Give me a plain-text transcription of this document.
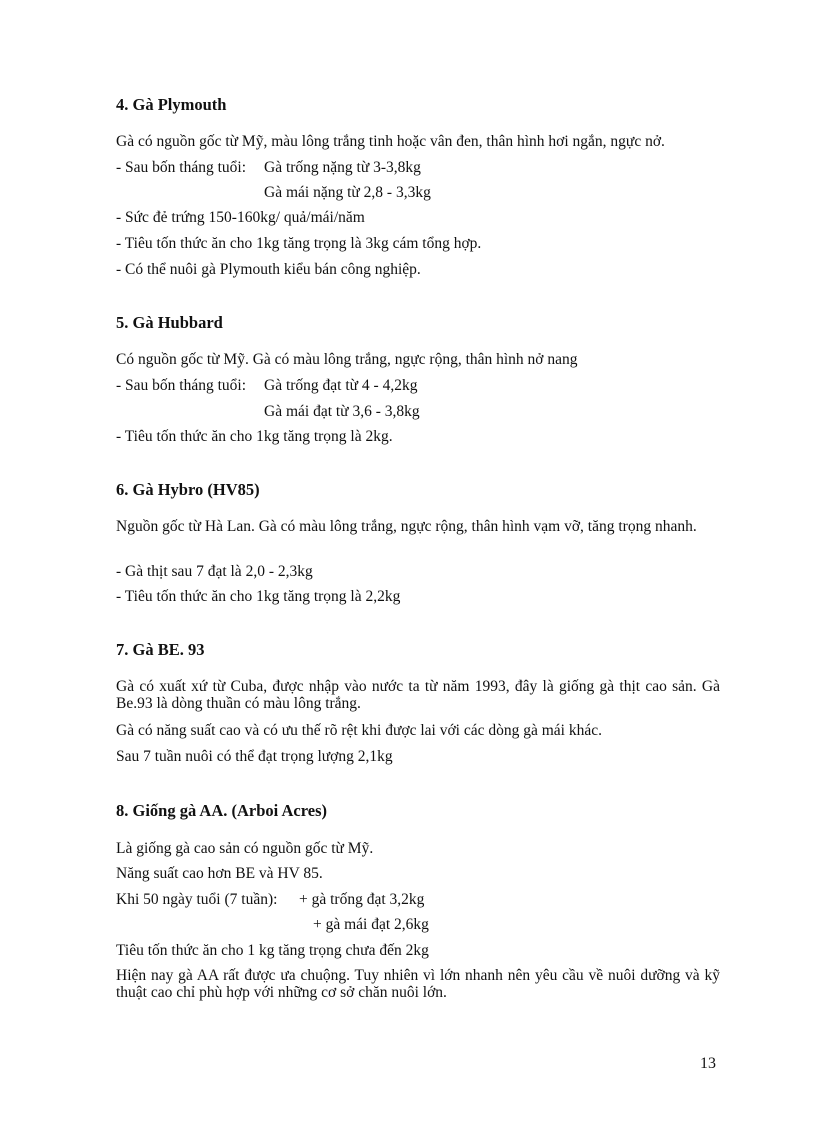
4. Gà Plymouth
Gà có nguồn gốc từ Mỹ, màu lông trắng tinh hoặc vân đen, thân hình hơi ngắn, ngực nở.
- Sau bốn tháng tuổi: Gà trống nặng từ 3-3,8kg
Gà mái nặng từ 2,8 - 3,3kg
- Sức đẻ trứng 150-160kg/ quả/mái/năm
- Tiêu tốn thức ăn cho 1kg tăng trọng là 3kg cám tổng hợp.
- Có thể nuôi gà Plymouth kiểu bán công nghiệp.
5. Gà Hubbard
Có nguồn gốc từ Mỹ. Gà có màu lông trắng, ngực rộng, thân hình nở nang
- Sau bốn tháng tuổi: Gà trống đạt từ 4 - 4,2kg
Gà mái đạt từ 3,6 - 3,8kg
- Tiêu tốn thức ăn cho 1kg tăng trọng là 2kg.
6. Gà Hybro (HV85)
Nguồn gốc từ Hà Lan. Gà có màu lông trắng, ngực rộng, thân hình vạm vỡ, tăng trọng nhanh.
- Gà thịt sau 7 đạt là 2,0 - 2,3kg
- Tiêu tốn thức ăn cho 1kg tăng trọng là 2,2kg
7. Gà BE. 93
Gà có xuất xứ từ Cuba, được nhập vào nước ta từ năm 1993, đây là giống gà thịt cao sản. Gà Be.93 là dòng thuần có màu lông trắng.
Gà có năng suất cao và có ưu thế rõ rệt khi được lai với các dòng gà mái khác.
Sau 7 tuần nuôi có thể đạt trọng lượng 2,1kg
8. Giống gà AA. (Arboi Acres)
Là giống gà cao sản có nguồn gốc từ Mỹ.
Năng suất cao hơn BE và HV 85.
Khi 50 ngày tuổi (7 tuần): + gà trống đạt 3,2kg
+ gà mái đạt 2,6kg
Tiêu tốn thức ăn cho 1 kg tăng trọng chưa đến 2kg
Hiện nay gà AA rất được ưa chuộng. Tuy nhiên vì lớn nhanh nên yêu cầu về nuôi dưỡng và kỹ thuật cao chỉ phù hợp với những cơ sở chăn nuôi lớn.
13
